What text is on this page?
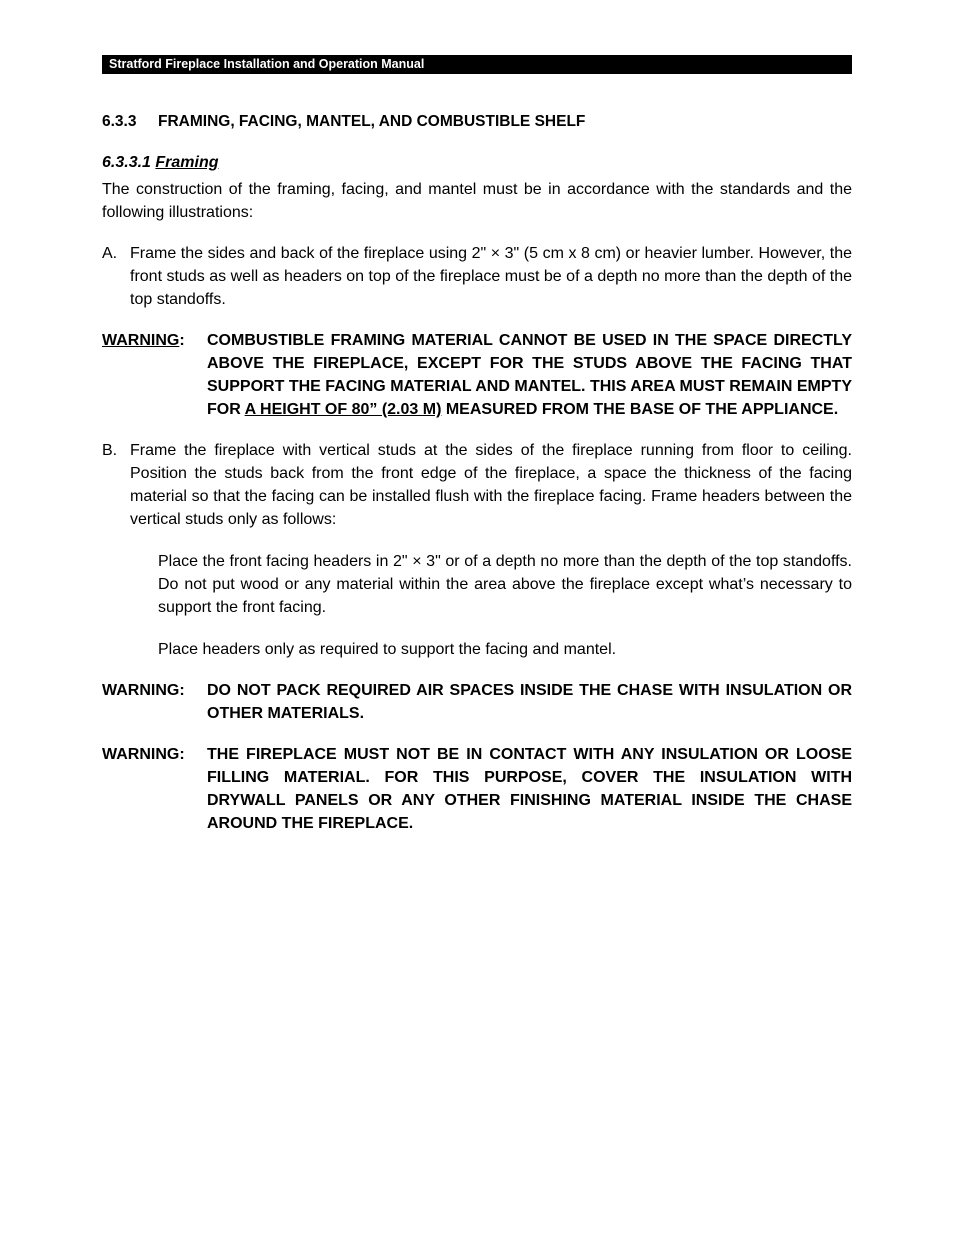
Stratford Fireplace Installation and Operation Manual

6.3.3 FRAMING, FACING, MANTEL, AND COMBUSTIBLE SHELF

6.3.3.1 Framing

The construction of the framing, facing, and mantel must be in accordance with the standards and the following illustrations:

A. Frame the sides and back of the fireplace using 2" × 3" (5 cm x 8 cm) or heavier lumber. However, the front studs as well as headers on top of the fireplace must be of a depth no more than the depth of the top standoffs.
WARNING:	COMBUSTIBLE FRAMING MATERIAL CANNOT BE USED IN THE SPACE DIRECTLY ABOVE THE FIREPLACE, EXCEPT FOR THE STUDS ABOVE THE FACING THAT SUPPORT THE FACING MATERIAL AND MANTEL. THIS AREA MUST REMAIN EMPTY FOR A HEIGHT OF 80” (2.03 M) MEASURED FROM THE BASE OF THE APPLIANCE.
B. Frame the fireplace with vertical studs at the sides of the fireplace running from floor to ceiling. Position the studs back from the front edge of the fireplace, a space the thickness of the facing material so that the facing can be installed flush with the fireplace facing. Frame headers between the vertical studs only as follows:

Place the front facing headers in 2" × 3" or of a depth no more than the depth of the top standoffs. Do not put wood or any material within the area above the fireplace except what’s necessary to support the front facing.

Place headers only as required to support the facing and mantel.

WARNING:	DO NOT PACK REQUIRED AIR SPACES INSIDE THE CHASE WITH INSULATION OR OTHER MATERIALS.
WARNING:	THE FIREPLACE MUST NOT BE IN CONTACT WITH ANY INSULATION OR LOOSE FILLING MATERIAL. FOR THIS PURPOSE, COVER THE INSULATION WITH DRYWALL PANELS OR ANY OTHER FINISHING MATERIAL INSIDE THE CHASE AROUND THE FIREPLACE.
